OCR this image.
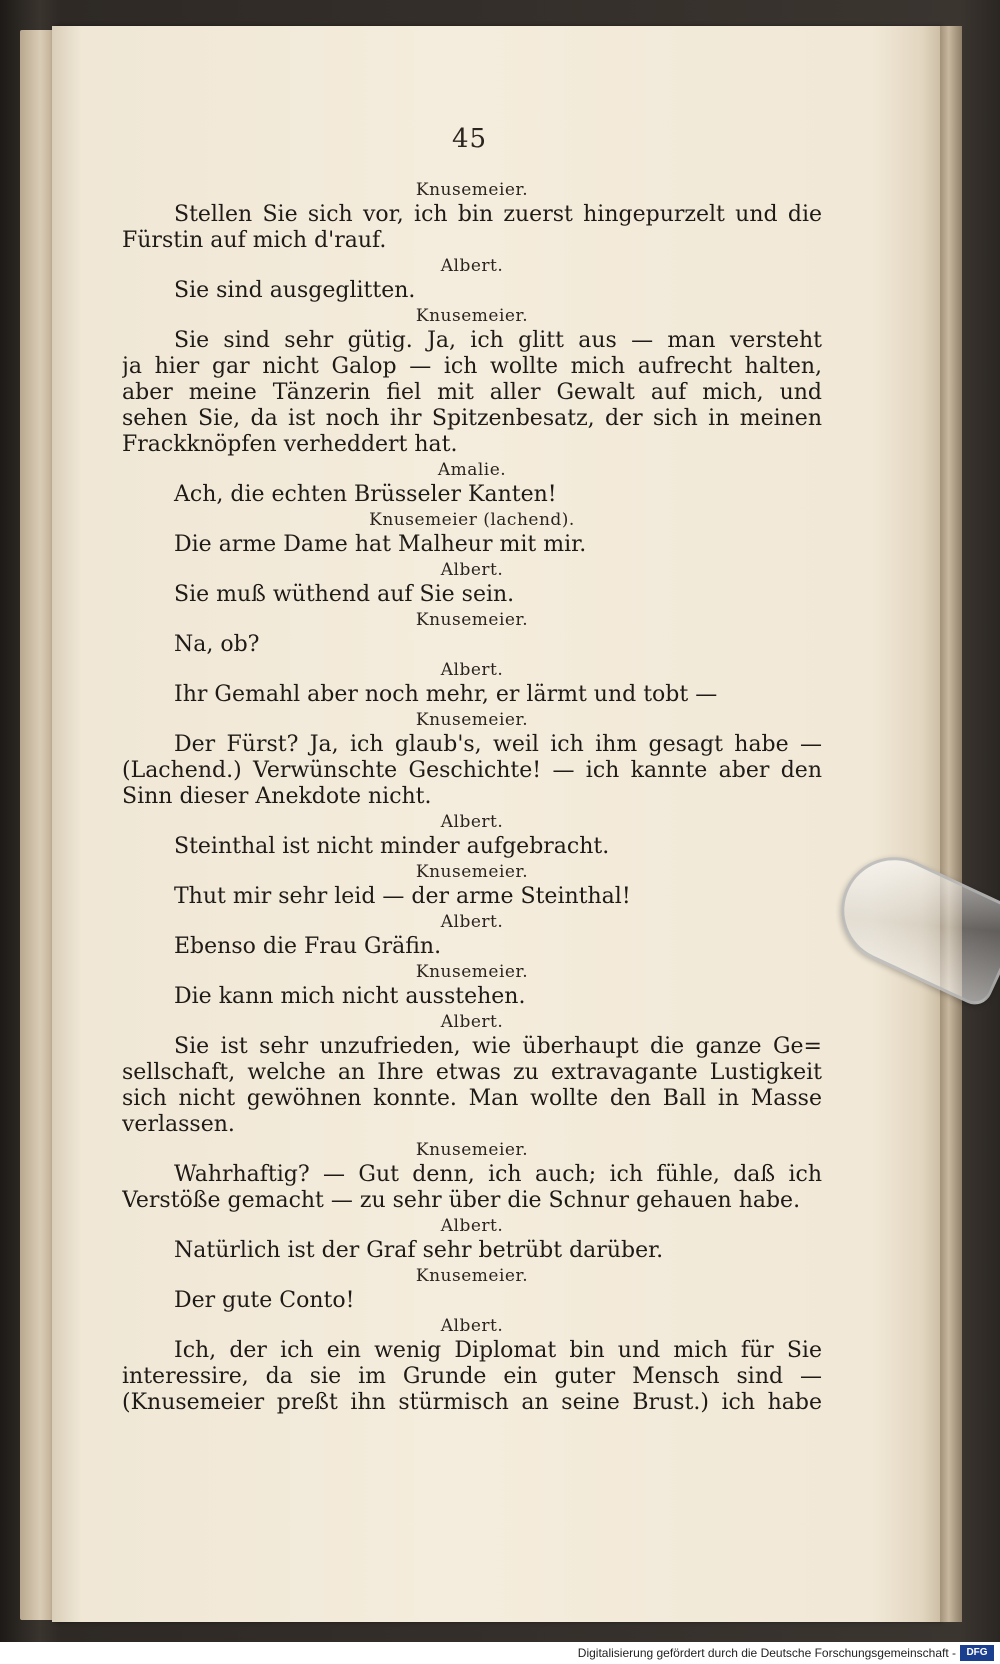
45
Knusemeier.
Stellen Sie sich vor, ich bin zuerst hingepurzelt und die
Fürstin auf mich d'rauf.
Albert.
Sie sind ausgeglitten.
Knusemeier.
Sie sind sehr gütig. Ja, ich glitt aus — man versteht
ja hier gar nicht Galop — ich wollte mich aufrecht halten,
aber meine Tänzerin fiel mit aller Gewalt auf mich, und
sehen Sie, da ist noch ihr Spitzenbesatz, der sich in meinen
Frackknöpfen verheddert hat.
Amalie.
Ach, die echten Brüsseler Kanten!
Knusemeier (lachend).
Die arme Dame hat Malheur mit mir.
Albert.
Sie muß wüthend auf Sie sein.
Knusemeier.
Na, ob?
Albert.
Ihr Gemahl aber noch mehr, er lärmt und tobt —
Knusemeier.
Der Fürst? Ja, ich glaub's, weil ich ihm gesagt habe —
(Lachend.) Verwünschte Geschichte! — ich kannte aber den
Sinn dieser Anekdote nicht.
Albert.
Steinthal ist nicht minder aufgebracht.
Knusemeier.
Thut mir sehr leid — der arme Steinthal!
Albert.
Ebenso die Frau Gräfin.
Knusemeier.
Die kann mich nicht ausstehen.
Albert.
Sie ist sehr unzufrieden, wie überhaupt die ganze Ge=
sellschaft, welche an Ihre etwas zu extravagante Lustigkeit
sich nicht gewöhnen konnte. Man wollte den Ball in Masse
verlassen.
Knusemeier.
Wahrhaftig? — Gut denn, ich auch; ich fühle, daß ich
Verstöße gemacht — zu sehr über die Schnur gehauen habe.
Albert.
Natürlich ist der Graf sehr betrübt darüber.
Knusemeier.
Der gute Conto!
Albert.
Ich, der ich ein wenig Diplomat bin und mich für Sie
interessire, da sie im Grunde ein guter Mensch sind —
(Knusemeier preßt ihn stürmisch an seine Brust.) ich habe
Digitalisierung gefördert durch die Deutsche Forschungsgemeinschaft -	DFG
